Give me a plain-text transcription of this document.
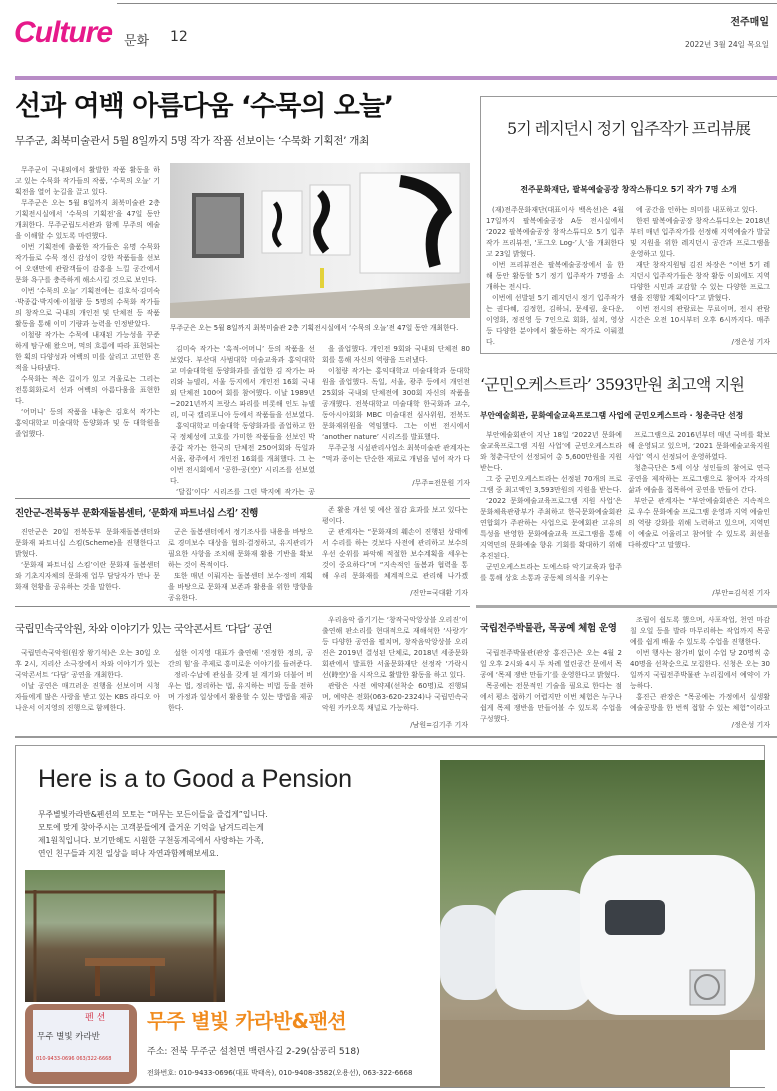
Culture 문화 12
전주매일
2022년 3월 24일 목요일
선과 여백 아름다움 ‘수묵의 오늘’
무주군, 최북미술관서 5월 8일까지 5명 작가 작품 선보이는 ‘수묵화 기획전’ 개최

무주군이 국내외에서 활발한 작품 활동을 하고 있는 수묵화 작가들의 작품, ‘수묵의 오늘’ 기획전을 열어 눈길을 끌고 있다.

무주군은 오는 5월 8일까지 최북미술관 2층 기획전시실에서 ‘수묵의 기획전’을 47일 동안 개최한다. 무주군립도서관과 함께 무주의 예술을 이해할 수 있도록 마련했다.

이번 기획전에 출품한 작가들은 유명 수묵화 작가들로 수묵 정신 감성이 강한 작품들을 선보여 오랜만에 관람객들이 감흥을 느낄 공간에서 문화 욕구를 충족하게 해소시킬 것으로 보인다.

이번 ‘수묵의 오늘’ 기획전에는 김호석·김미숙·박종갑·박지예·이철량 등 5명의 수묵화 작가들의 창작으로 국내의 개인전 및 단체전 등 작품 활동을 통해 이미 기량과 능력을 인정받았다.

이철량 작가는 수묵에 내재된 가능성을 꾸준하게 탐구해 왔으며, 먹의 흐름에 따라 표현되는 한 획의 다양성과 여백의 미를 살리고 고민한 흔적을 나타냈다.

수묵화는 적은 길이가 있고 겨울로는 그리는 전통회화로서 선과 여백의 아름다움을 표현한다.

‘어머니’ 등의 작품을 내놓은 김호석 작가는 홍익대학교 미술대학 동양화과 및 동 대학원을 졸업했다.

무주군은 오는 5월 8일까지 최북미술관 2층 기획전시실에서 ‘수묵의 오늘’전 47일 동안 개최한다.

김미숙 작가는 ‘흑적-어머니’ 등의 작품을 선보였다. 부산대 사범대학 미술교육과 홍익대학교 미술대학원 동양화과를 졸업한 김 작가는 파리와 뉴델리, 서울 등지에서 개인전 16회 국내외 단체전 100여 회를 참여했다. 이날 1989년 ~2021년까지 프랑스 파리를 비롯해 인도 뉴델리, 미국 캘리포니아 등에서 작품들을 선보였다.

홍익대학교 미술대학 동양화과를 졸업하고 한국 정체성에 고호를 가미한 작품들을 선보인 박종갑 작가는 한국의 단체전 250여회와 독일과 서울, 광주에서 개인전 16회를 개최했다. 그 는 이번 전시회에서 ‘공한-공(空)’ 시리즈를 선보였다.

‘달집’이다’ 시리즈를 그린 박지예 작가는 공

을 졸업했다. 개인전 9회와 국내외 단체전 80회를 통해 자신의 역량을 드러냈다.

이철량 작가는 홍익대학교 미술대학과 동대학원을 졸업했다. 독일, 서울, 광주 등에서 개인전 25회와 국내외 단체전에 300회 자신의 작품을 공개했다. 전북대학교 미술대학 한국화과 교수, 동아시아회화 MBC 미술대전 심사위원, 전북도 문화재위원을 역임했다. 그는 이번 전시에서 ‘another nature’ 시리즈를 발표했다.

무주군청 시설관리사업소 최북미술관 관계자는 “먹과 종이는 단순한 재료로 개념을 넘어 작가 다

/무주=전문원 기자
5기 레지던시 정기 입주작가 프리뷰展
전주문화재단, 팔복예술공장 창작스튜디오 5기 작가 7명 소개

(재)전주문화재단(대표이사 백옥선)은 4월 17일까지 팔복예술공장 A동 전시실에서 ‘2022 팔복예술공장 창작스튜디오 5기 입주작가 프리뷰전, ‘포그오 Log-’人’을 개최한다고 23일 밝혔다.

이번 프리뷰전은 팔복예술공장에서 올 한 해 동안 활동할 5기 정기 입주작가 7명을 소개하는 전시다.

이번에 선발된 5기 레지던시 정기 입주작가는 권다혜, 김정헌, 김하늬, 문세림, 윤다운, 이영화, 정진영 등 7인으로 회화, 설치, 영상 등 다양한 분야에서 활동하는 작가로 이뤄졌다.

에 공간을 인하는 의미를 내포하고 있다.

한편 팔복예술공장 창작스튜디오는 2018년부터 매년 입주작가를 선정해 지역예술가 발굴 및 지원을 위한 레지던시 공간과 프로그램을 운영하고 있다.

재단 창작지원팀 김진 차장은 “이번 5기 레지던시 입주작가들은 창작 활동 이외에도 지역 다양한 시민과 교감할 수 있는 다양한 프로그램을 진행할 계획이다”고 밝혔다.

이번 전시의 관람료는 무료이며, 전시 관람시간은 오전 10시부터 오후 6시까지다. 매주

/정은성 기자
‘군민오케스트라’ 3593만원 최고액 지원
부안예술회관, 문화예술교육프로그램 사업에 군민오케스트라 · 청춘극단 선정

부안예술회관이 지난 18일 ‘2022년 문화예술교육프로그램 지원 사업’에 군민오케스트라와 청춘극단이 선정되어 총 5,600만원을 지원받는다.

그 중 군민오케스트라는 선정된 70개의 프로그램 중 최고액인 3,593만원의 지원을 받는다.

‘2022 문화예술교육프로그램 지원 사업’은 문화체육관광부가 주최하고 한국문화예술회관연합회가 주관하는 사업으로 문예회관 고유의 특성을 반영한 문화예술교육 프로그램을 통해 지역민의 문화예술 향유 기회를 확대하기 위해 추진된다.

군민오케스트라는 도예스타 악기교육과 합주를 통해 상호 소통과 공동체 의식을 키우는

프로그램으로 2016년부터 매년 국비를 확보해 운영되고 있으며, ‘2021 문화예술교육지원 사업’ 역시 선정되어 운영하였다.

청춘극단은 5세 이상 성인들의 참여로 연극 공연을 제작하는 프로그램으로 참여자 각자의 삶과 예술을 접목하여 공연을 만들어 간다.

부안군 관계자는 “부안예술회관은 지속적으로 우수 문화예술 프로그램 운영과 지역 예술인의 역량 강화를 위해 노력하고 있으며, 지역민이 예술로 어울리고 참여할 수 있도록 최선을 다하겠다”고 말했다.

/부안=김석진 기자
진안군-전북동부 문화재돌봄센터, ‘문화재 파트너십 스킴’ 진행

진안군은 20일 전북동부 문화재돌봄센터와 문화재 파트너십 스킴(Scheme)을 진행한다고 밝혔다.

‘문화재 파트너십 스킴’이란 문화재 돌봄센터와 기초지자체의 문화재 업무 담당자가 만나 문화재 현황을 공유하는 것을 말한다.

군은 돌봄센터에서 정기조사를 내용을 바탕으로 경미보수 대상을 협의·결정하고, 유지관리가 필요한 사항을 조치해 문화재 활용 기반을 확보하는 것이 목적이다.

또한 매년 이뤄지는 돌봄센터 보수·정비 계획을 바탕으로 문화재 보존과 활용을 위한 방향을 공유한다.

존 활용 개선 및 예산 절감 효과를 보고 있다는 평이다.

군 관계자는 “문화재의 훼손이 진행된 상태에서 수리를 하는 것보다 사전에 관리하고 보수의 우선 순위를 파악해 적절한 보수계획을 세우는 것이 중요하다”며 “지속적인 돌봄과 협력을 통해 우리 문화재를 체계적으로 관리해 나가겠

/진안=국대환 기자
국립민속국악원, 차와 이야기가 있는 국악콘서트 ‘다담’ 공연

국립민속국악원(원장 왕기석)은 오는 30일 오후 2시, 지리산 소극장에서 차와 이야기가 있는 국악콘서트 ‘다담’ 공연을 개최한다.

이날 공연은 매끄러운 진행을 선보이며 시청자들에게 많은 사랑을 받고 있는 KBS 라디오 아나운서 이지영의 진행으로 함께한다.

설한 이지영 대표가 출연해 ‘진정한 정의, 공간의 힘’을 주제로 흥미로운 이야기를 들려준다.

정리·수납에 관심을 갖게 된 계기와 더불어 비우는 법, 정리하는 법, 유지하는 비법 등을 전하며 가정과 일상에서 활용할 수 있는 방법을 제공한다.

우리음악 즐기기는 ‘창작국악앙상블 오리진’이 출연해 판소리를 현대적으로 재해석한 ‘사랑가’ 등 다양한 공연을 펼치며, 창작음악앙상블 오리진은 2019년 결성된 단체로, 2018년 세종문화회관에서 발표한 서울문화재단 선정작 ‘가락시선(時空)’을 시작으로 활발한 활동을 하고 있다.

관람은 사전 예약제(선착순 60명)로 진행되며, 예약은 전화(063-620-2324)나 국립민속국악원 카카오톡 채널로 가능하다.

/남원=김기주 기자
국립전주박물관, 목공예 체험 운영

국립전주박물관(관장 홍진근)은 오는 4월 2일 오후 2시와 4시 두 차례 열린공간 문에서 목공예 ‘목제 쟁반 만들기’를 운영한다고 밝혔다.

목공예는 전문적인 기술을 필요로 한다는 점에서 평소 접하기 어렵지만 이번 체험은 누구나 쉽게 목제 쟁반을 만들어볼 수 있도록 수업을 구성했다.

조립이 쉽도록 했으며, 사포작업, 천연 마감칠 오일 등을 발라 마무리하는 작업까지 목공예를 쉽게 배울 수 있도록 수업을 진행한다.

이번 행사는 참가비 없이 수업 당 20명씩 총 40명을 선착순으로 모집한다. 신청은 오는 30일까지 국립전주박물관 누리집에서 예약이 가능하다.

홍진근 관장은 “목공예는 가정에서 실생활 예술공방을 한 번씩 접할 수 있는 체험”이라고

/정은성 기자
Here is a to Good a Pension
무주별빛카라반&펜션의 모토는 “머무는 모든이들을 즐겁게”입니다.
모토에 맞게 찾아주시는 고객분들에게 즐거운 기억을 남겨드리는게
제1원칙입니다. 보기만해도 시원한 구천동계곡에서 사랑하는 가족,
연인 친구들과 지친 일상을 떠나 자연과함께해보세요.
펜 션
무주 별빛 카라반
010-9433-0696 063/322-6668
무주 별빛 카라반&팬션
주소: 전북 무주군 설천면 백련사길 2-29(삼공리 518)
전화번호: 010-9433-0696(대표 박태옥), 010-9408-3582(오용선), 063-322-6668
